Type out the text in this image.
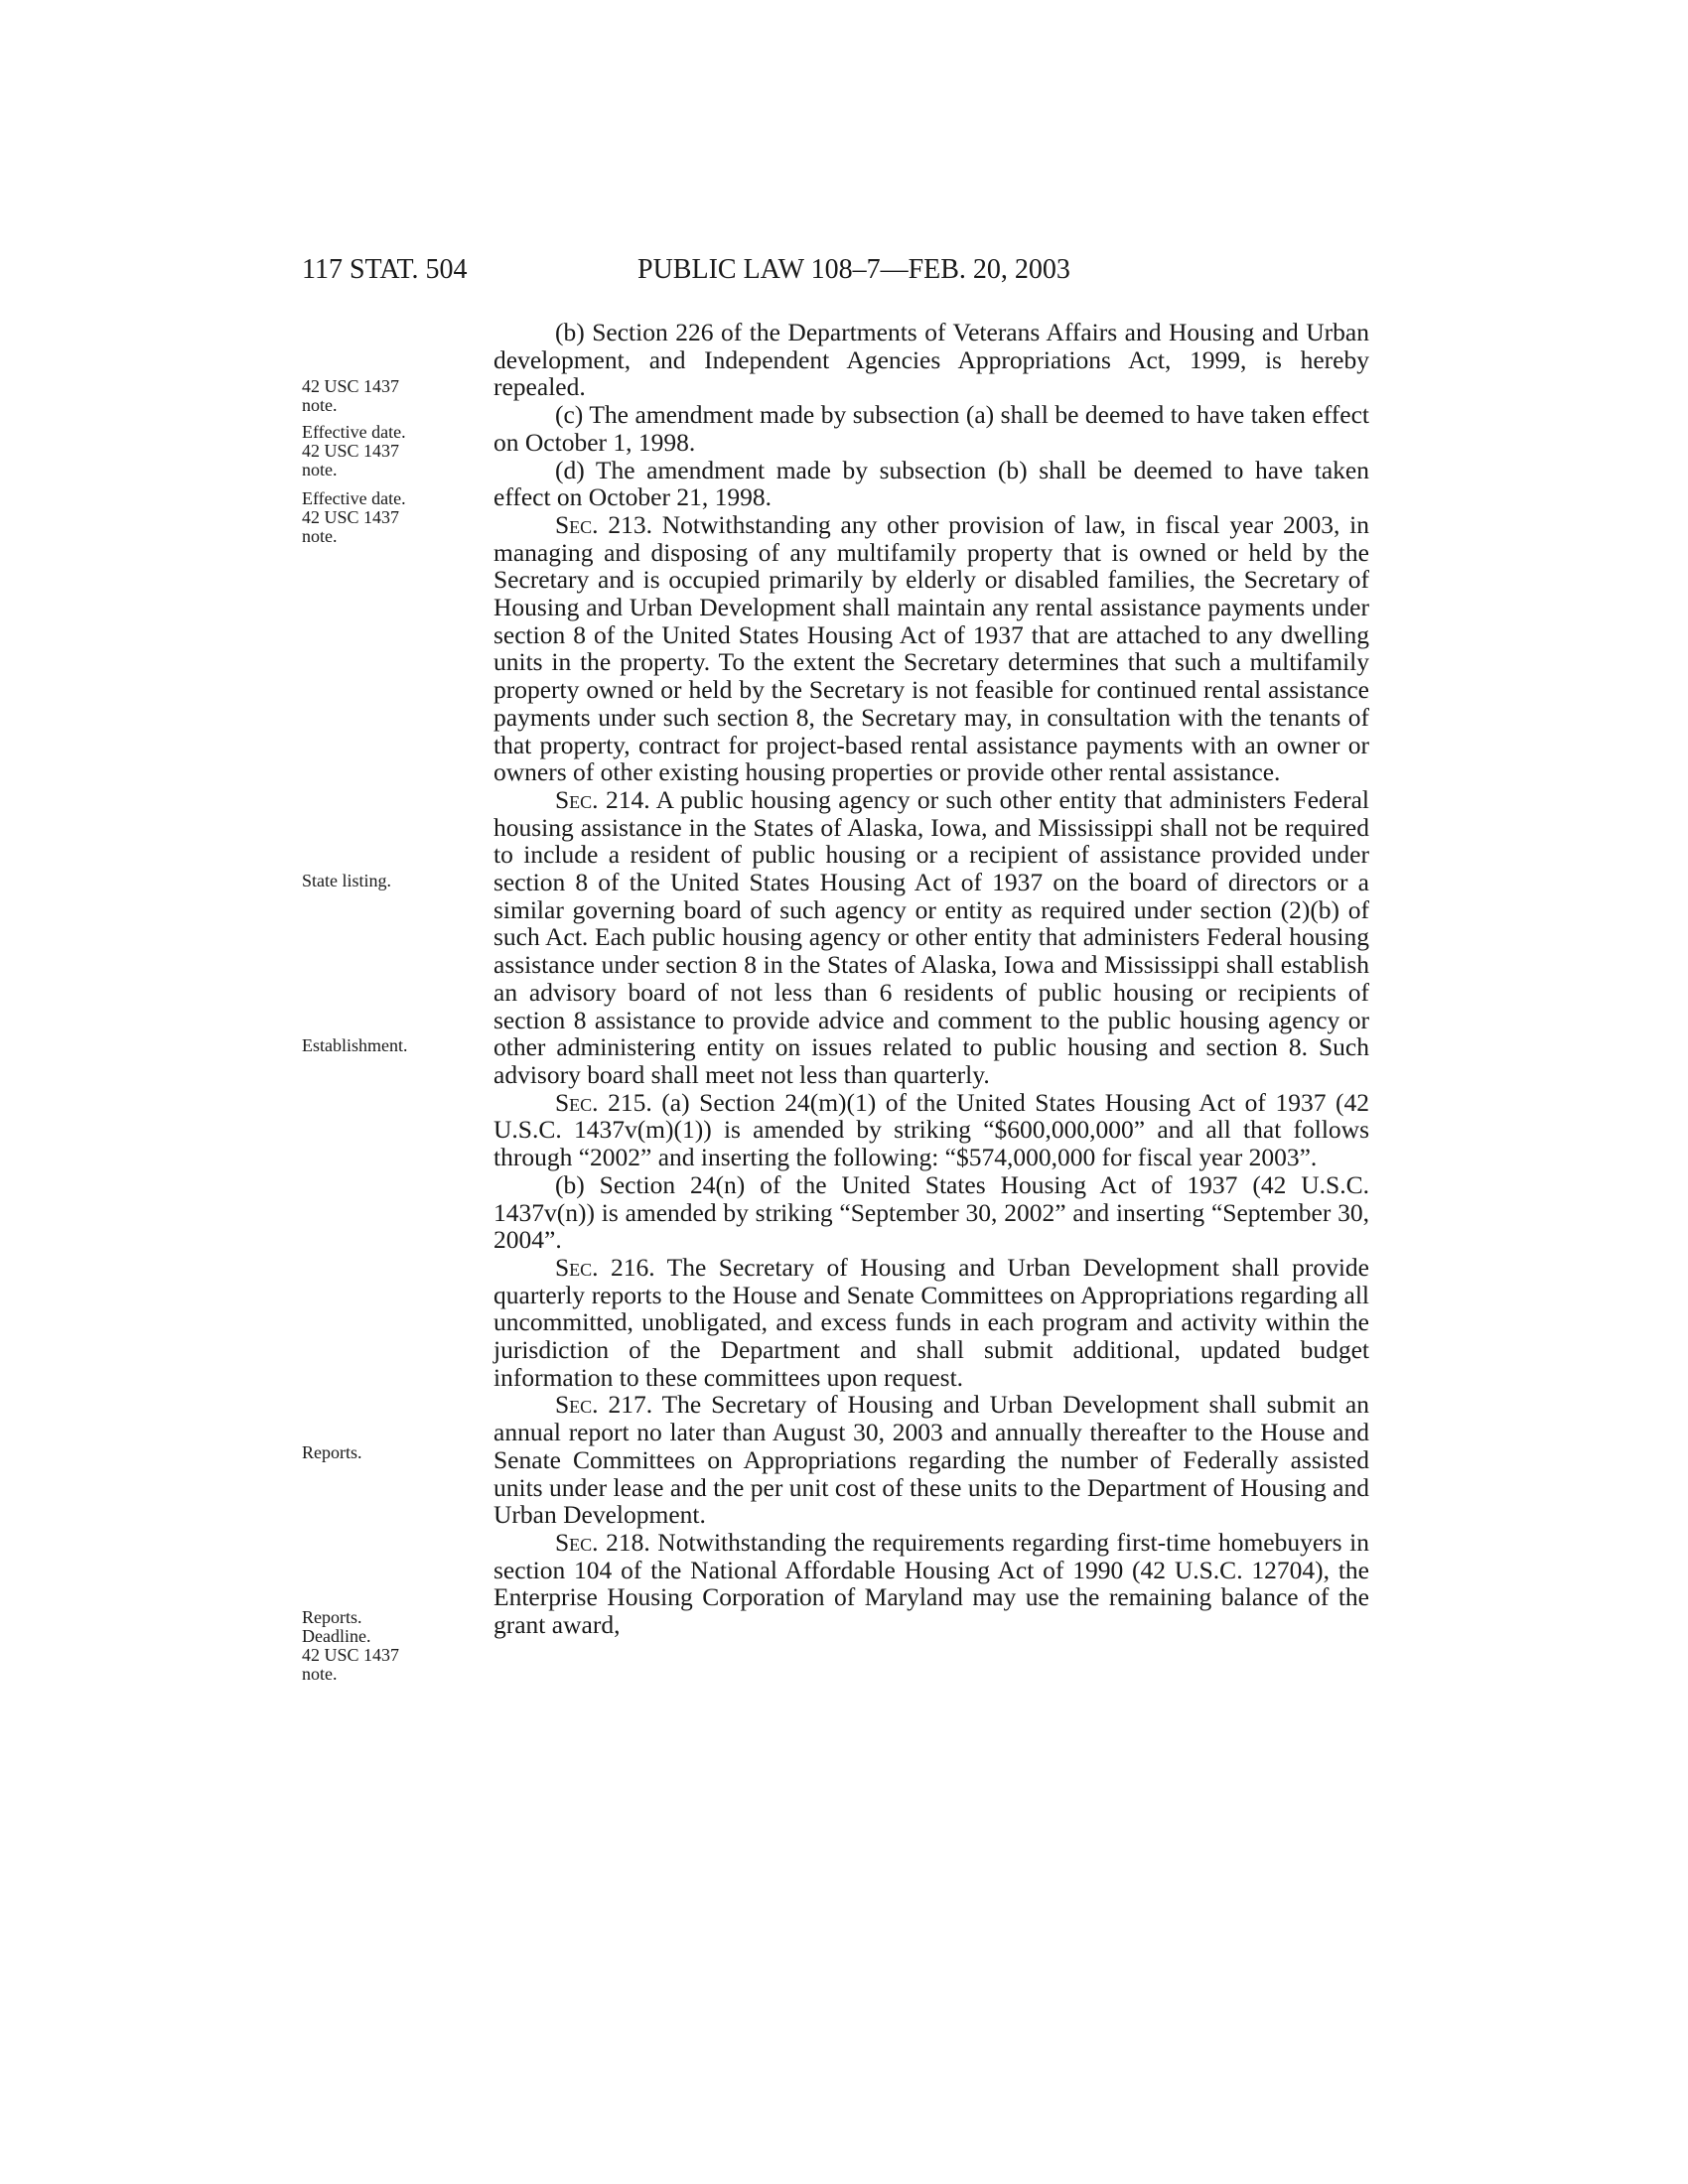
117 STAT. 504	PUBLIC LAW 108–7—FEB. 20, 2003
42 USC 1437
note.
Effective date.
42 USC 1437
note.
Effective date.
42 USC 1437
note.
State listing.
Establishment.
Reports.
Reports.
Deadline.
42 USC 1437
note.

(b) Section 226 of the Departments of Veterans Affairs and Housing and Urban development, and Independent Agencies Appropriations Act, 1999, is hereby repealed.

(c) The amendment made by subsection (a) shall be deemed to have taken effect on October 1, 1998.

(d) The amendment made by subsection (b) shall be deemed to have taken effect on October 21, 1998.

Sec. 213. Notwithstanding any other provision of law, in fiscal year 2003, in managing and disposing of any multifamily property that is owned or held by the Secretary and is occupied primarily by elderly or disabled families, the Secretary of Housing and Urban Development shall maintain any rental assistance payments under section 8 of the United States Housing Act of 1937 that are attached to any dwelling units in the property. To the extent the Secretary determines that such a multifamily property owned or held by the Secretary is not feasible for continued rental assistance payments under such section 8, the Secretary may, in consultation with the tenants of that property, contract for project-based rental assistance payments with an owner or owners of other existing housing properties or provide other rental assistance.

Sec. 214. A public housing agency or such other entity that administers Federal housing assistance in the States of Alaska, Iowa, and Mississippi shall not be required to include a resident of public housing or a recipient of assistance provided under section 8 of the United States Housing Act of 1937 on the board of directors or a similar governing board of such agency or entity as required under section (2)(b) of such Act. Each public housing agency or other entity that administers Federal housing assistance under section 8 in the States of Alaska, Iowa and Mississippi shall establish an advisory board of not less than 6 residents of public housing or recipients of section 8 assistance to provide advice and comment to the public housing agency or other administering entity on issues related to public housing and section 8. Such advisory board shall meet not less than quarterly.

Sec. 215. (a) Section 24(m)(1) of the United States Housing Act of 1937 (42 U.S.C. 1437v(m)(1)) is amended by striking “$600,000,000” and all that follows through “2002” and inserting the following: “$574,000,000 for fiscal year 2003”.

(b) Section 24(n) of the United States Housing Act of 1937 (42 U.S.C. 1437v(n)) is amended by striking “September 30, 2002” and inserting “September 30, 2004”.

Sec. 216. The Secretary of Housing and Urban Development shall provide quarterly reports to the House and Senate Committees on Appropriations regarding all uncommitted, unobligated, and excess funds in each program and activity within the jurisdiction of the Department and shall submit additional, updated budget information to these committees upon request.

Sec. 217. The Secretary of Housing and Urban Development shall submit an annual report no later than August 30, 2003 and annually thereafter to the House and Senate Committees on Appropriations regarding the number of Federally assisted units under lease and the per unit cost of these units to the Department of Housing and Urban Development.

Sec. 218. Notwithstanding the requirements regarding first-time homebuyers in section 104 of the National Affordable Housing Act of 1990 (42 U.S.C. 12704), the Enterprise Housing Corporation of Maryland may use the remaining balance of the grant award,
